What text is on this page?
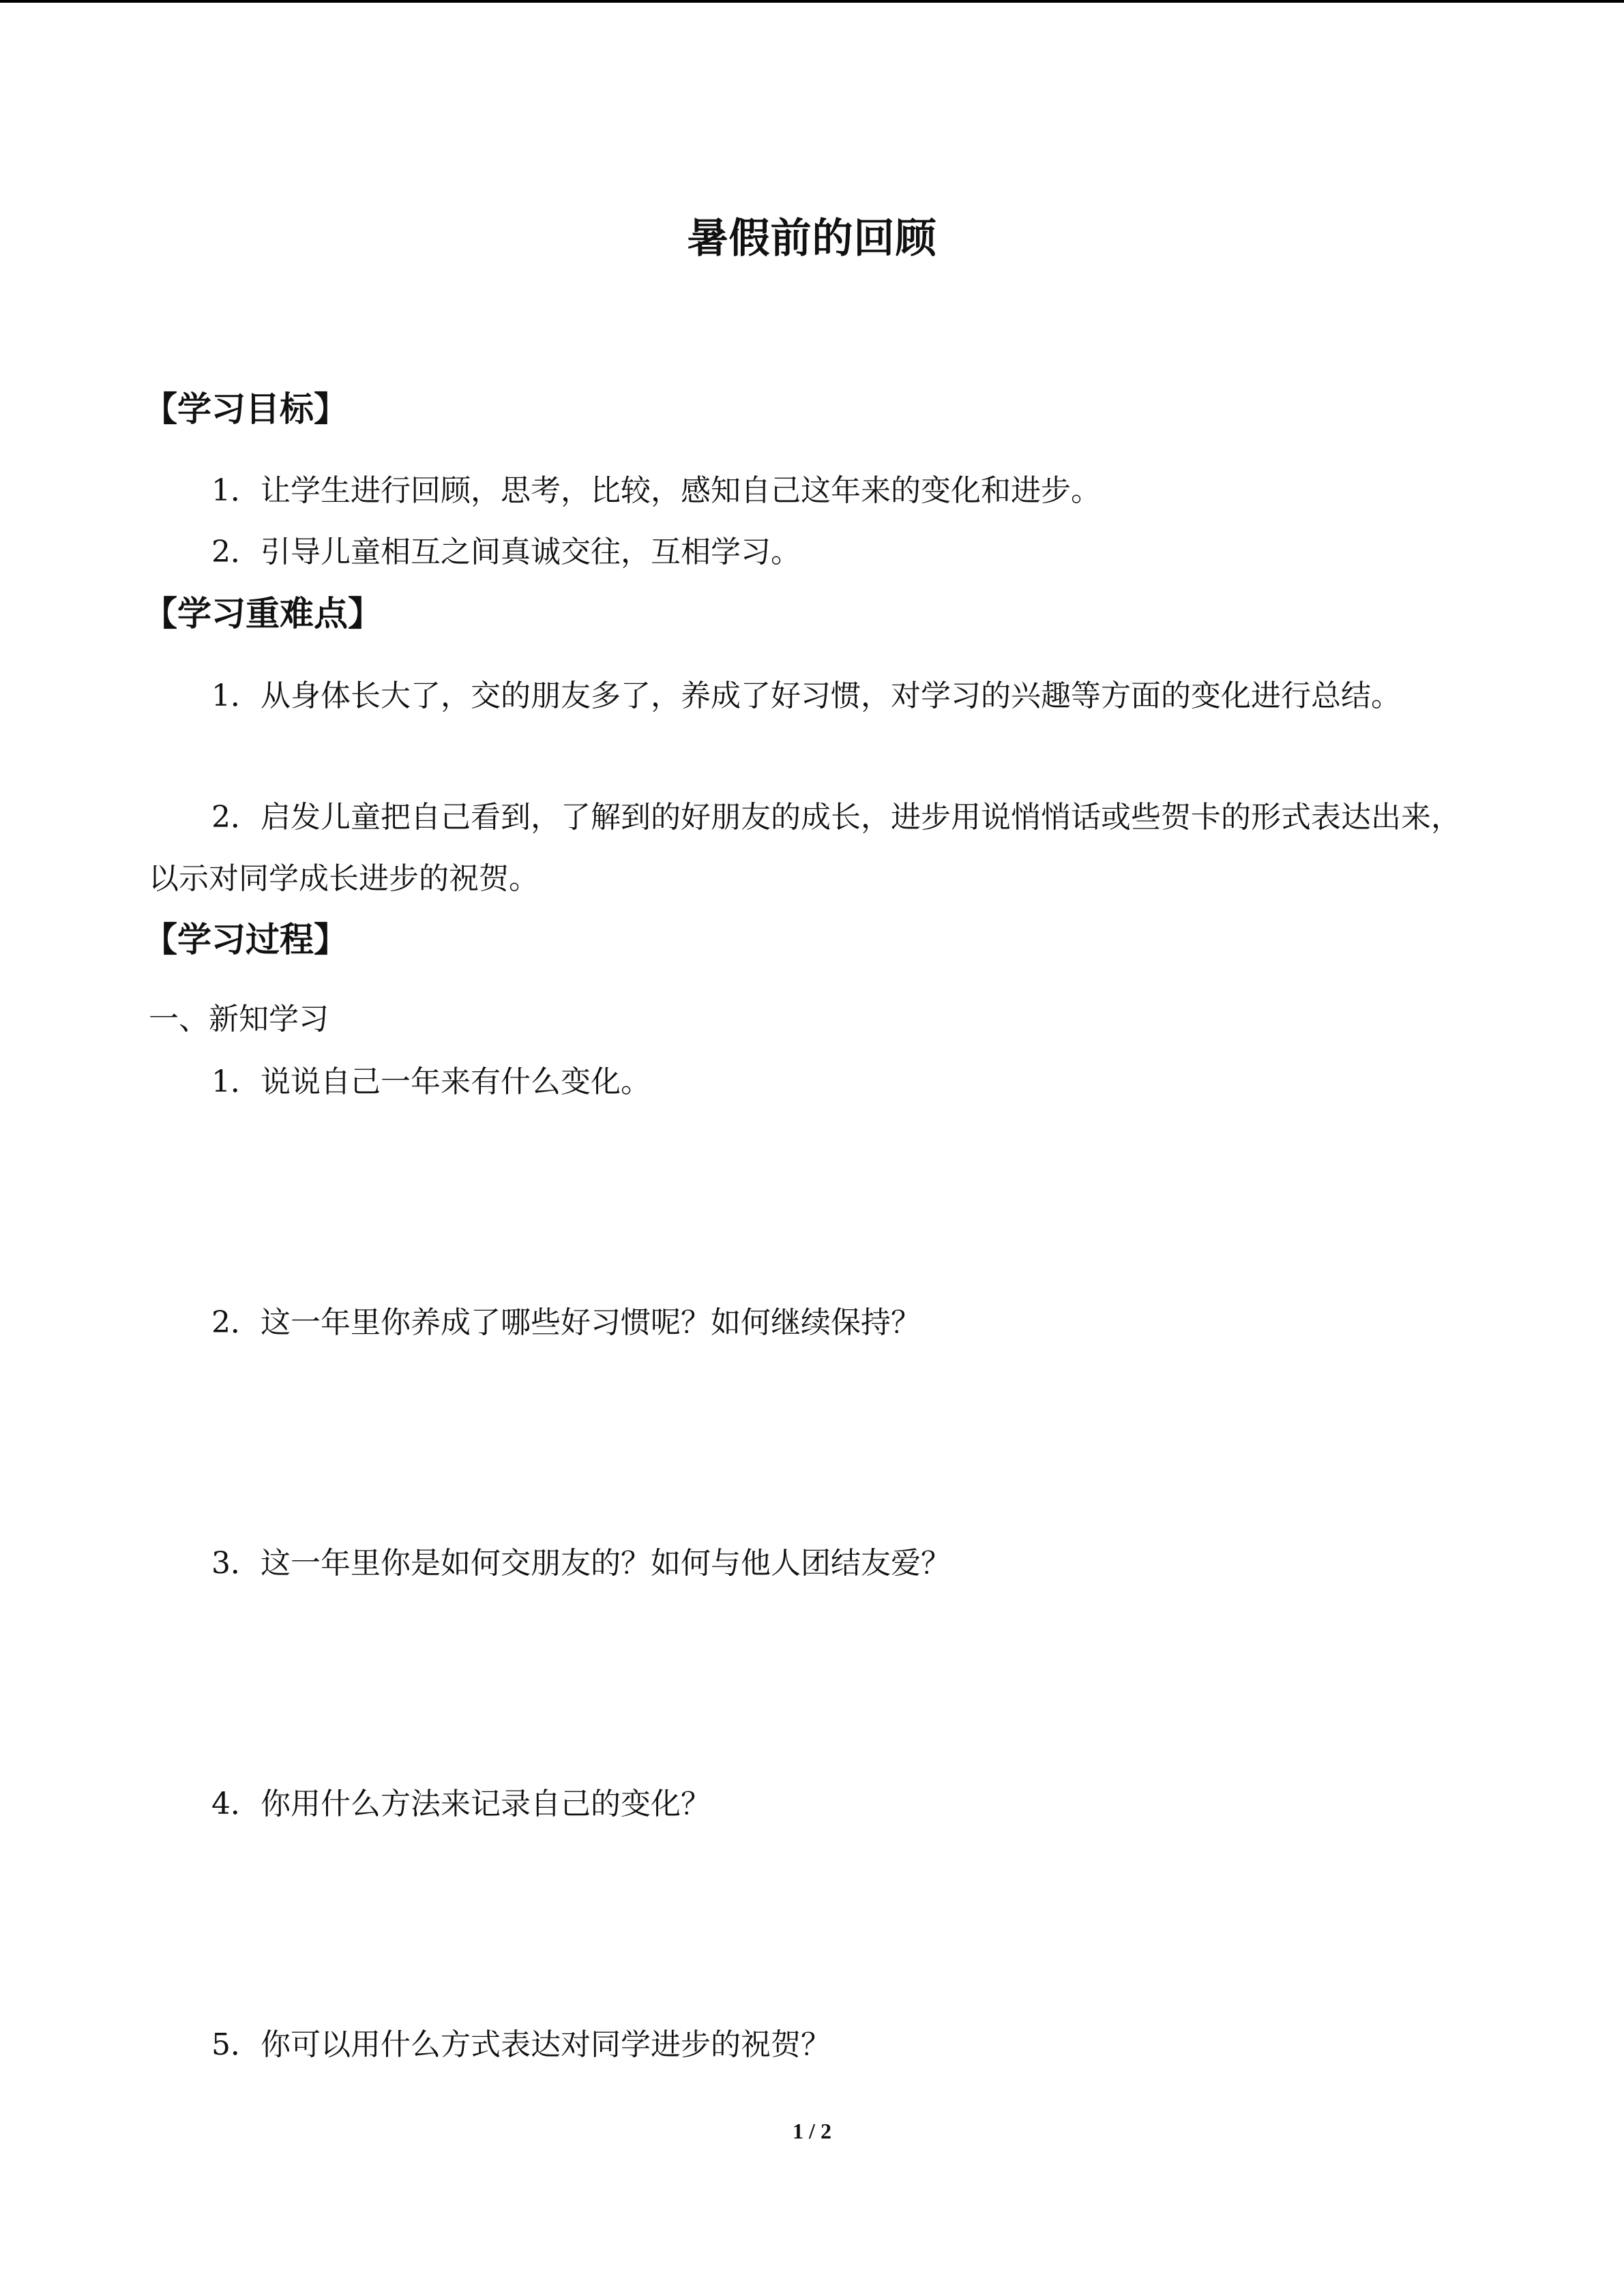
暑假前的回顾
【学习目标】
1．让学生进行回顾，思考，比较，感知自己这年来的变化和进步。
2．引导儿童相互之间真诚交往，互相学习。
【学习重难点】

1．从身体长大了，交的朋友多了，养成了好习惯，对学习的兴趣等方面的变化进行总结。

2．启发儿童把自己看到，了解到的好朋友的成长，进步用说悄悄话或些贺卡的形式表达出来，以示对同学成长进步的祝贺。

【学习过程】
一、新知学习
1．说说自己一年来有什么变化。
2．这一年里你养成了哪些好习惯呢？如何继续保持？
3．这一年里你是如何交朋友的？如何与他人团结友爱？
4．你用什么方法来记录自己的变化？
5．你可以用什么方式表达对同学进步的祝贺？
1 / 2
